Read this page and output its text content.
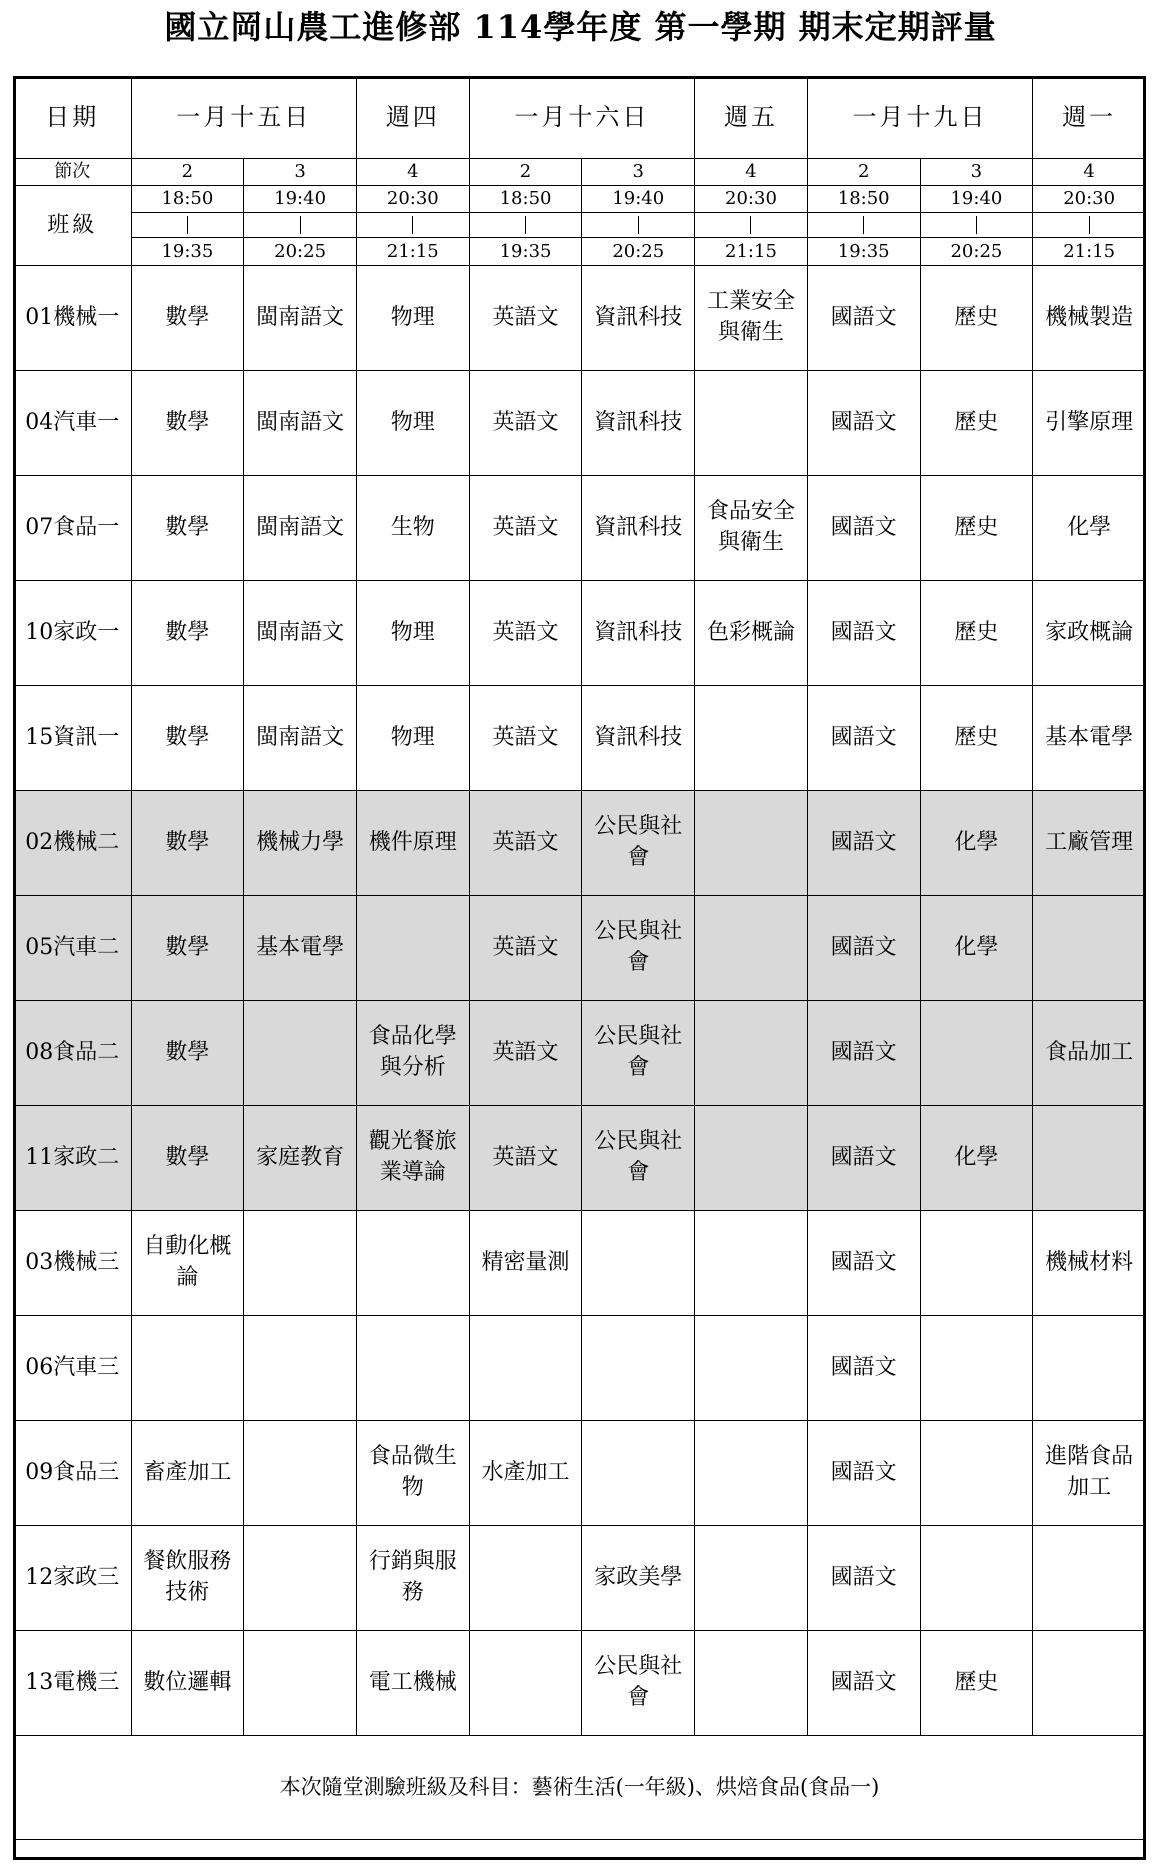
國立岡山農工進修部 114學年度 第一學期 期末定期評量
日期	一月十五日		週四	一月十六日		週五	一月十九日		週一
節次	2	3	4	2	3	4	2	3	4
班級	18:50	19:40	20:30	18:50	19:40	20:30	18:50	19:40	20:30

	19:35	20:25	21:15	19:35	20:25	21:15	19:35	20:25	21:15
01機械一	數學	閩南語文	物理	英語文	資訊科技	工業安全與衛生	國語文	歷史	機械製造
04汽車一	數學	閩南語文	物理	英語文	資訊科技		國語文	歷史	引擎原理
07食品一	數學	閩南語文	生物	英語文	資訊科技	食品安全與衛生	國語文	歷史	化學
10家政一	數學	閩南語文	物理	英語文	資訊科技	色彩概論	國語文	歷史	家政概論
15資訊一	數學	閩南語文	物理	英語文	資訊科技		國語文	歷史	基本電學
02機械二	數學	機械力學	機件原理	英語文	公民與社會		國語文	化學	工廠管理
05汽車二	數學	基本電學		英語文	公民與社會		國語文	化學	
08食品二	數學		食品化學與分析	英語文	公民與社會		國語文		食品加工
11家政二	數學	家庭教育	觀光餐旅業導論	英語文	公民與社會		國語文	化學	
03機械三	自動化概論			精密量測			國語文		機械材料
06汽車三							國語文		
09食品三	畜產加工		食品微生物	水產加工			國語文		進階食品加工
12家政三	餐飲服務技術		行銷與服務		家政美學		國語文		
13電機三	數位邏輯		電工機械		公民與社會		國語文	歷史	
本次隨堂測驗班級及科目：藝術生活(一年級)、烘焙食品(食品一)									
